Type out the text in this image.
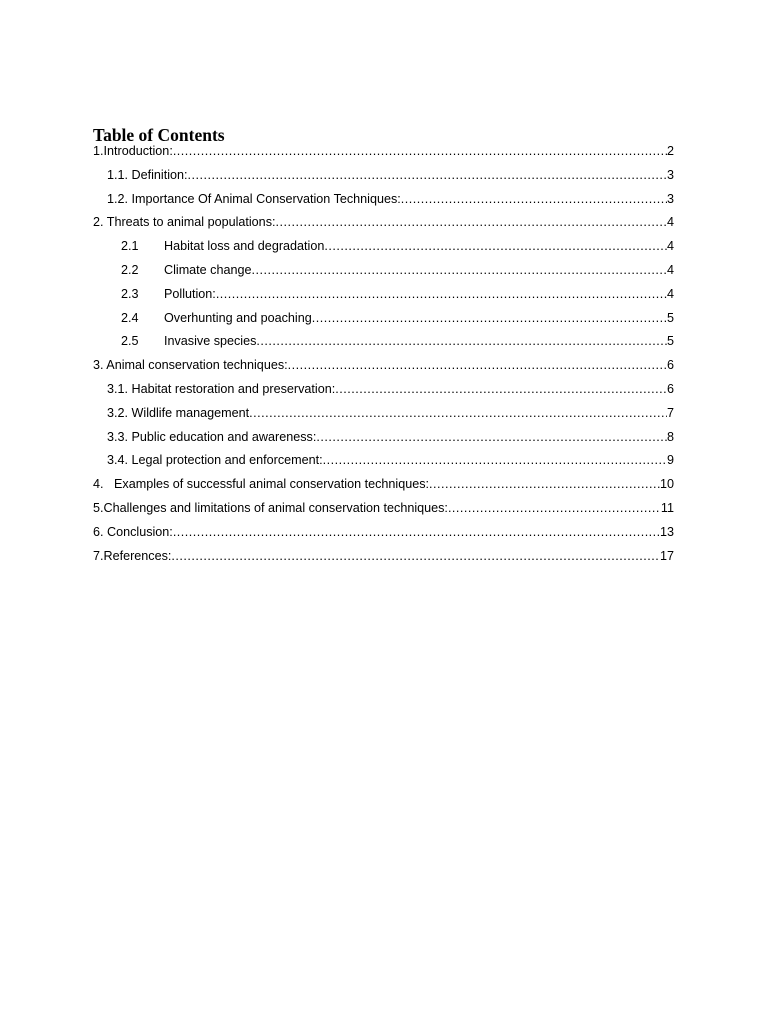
Table of Contents
1.Introduction: .....	2
1.1. Definition: .....	3
1.2. Importance Of Animal Conservation Techniques: .....	3
2. Threats to animal populations: .....	4
2.1	Habitat loss and degradation .....	4
2.2	Climate change .....	4
2.3	Pollution: .....	4
2.4	Overhunting and poaching .....	5
2.5	Invasive species .....	5
3. Animal conservation techniques: .....	6
3.1. Habitat restoration and preservation: .....	6
3.2. Wildlife management .....	7
3.3. Public education and awareness: .....	8
3.4. Legal protection and enforcement: .....	9
4. Examples of successful animal conservation techniques: .....	10
5.Challenges and limitations of animal conservation techniques: .....	11
6. Conclusion: .....	13
7.References: .....	17
